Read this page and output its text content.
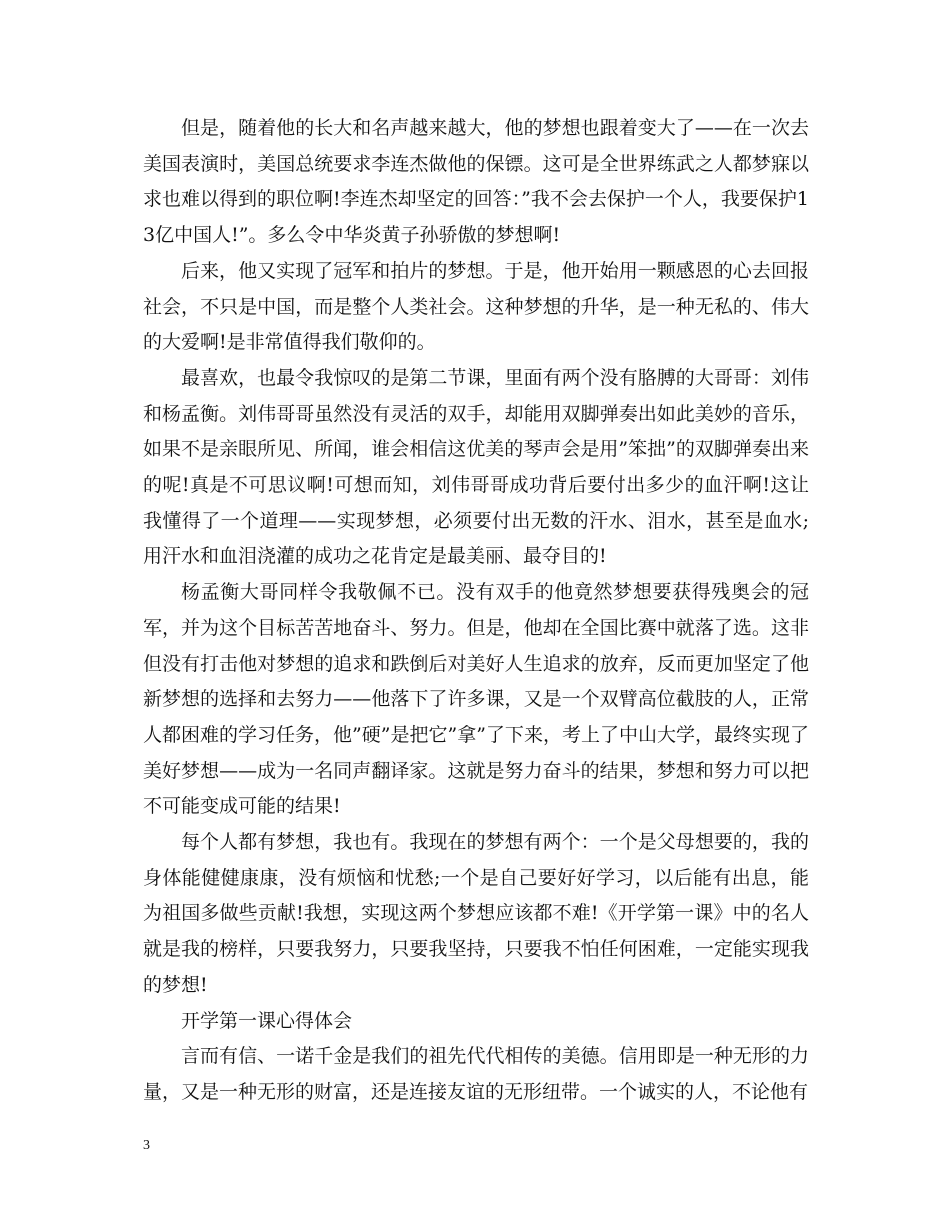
但是，随着他的长大和名声越来越大，他的梦想也跟着变大了——在一次去美国表演时，美国总统要求李连杰做他的保镖。这可是全世界练武之人都梦寐以求也难以得到的职位啊!李连杰却坚定的回答：”我不会去保护一个人，我要保护13亿中国人!”。多么令中华炎黄子孙骄傲的梦想啊!

后来，他又实现了冠军和拍片的梦想。于是，他开始用一颗感恩的心去回报社会，不只是中国，而是整个人类社会。这种梦想的升华，是一种无私的、伟大的大爱啊!是非常值得我们敬仰的。

最喜欢，也最令我惊叹的是第二节课，里面有两个没有胳膊的大哥哥：刘伟和杨孟衡。刘伟哥哥虽然没有灵活的双手，却能用双脚弹奏出如此美妙的音乐，如果不是亲眼所见、所闻，谁会相信这优美的琴声会是用”笨拙”的双脚弹奏出来的呢!真是不可思议啊!可想而知，刘伟哥哥成功背后要付出多少的血汗啊!这让我懂得了一个道理——实现梦想，必须要付出无数的汗水、泪水，甚至是血水;用汗水和血泪浇灌的成功之花肯定是最美丽、最夺目的!

杨孟衡大哥同样令我敬佩不已。没有双手的他竟然梦想要获得残奥会的冠军，并为这个目标苦苦地奋斗、努力。但是，他却在全国比赛中就落了选。这非但没有打击他对梦想的追求和跌倒后对美好人生追求的放弃，反而更加坚定了他新梦想的选择和去努力——他落下了许多课，又是一个双臂高位截肢的人，正常人都困难的学习任务，他”硬”是把它”拿”了下来，考上了中山大学，最终实现了美好梦想——成为一名同声翻译家。这就是努力奋斗的结果，梦想和努力可以把不可能变成可能的结果!

每个人都有梦想，我也有。我现在的梦想有两个：一个是父母想要的，我的身体能健健康康，没有烦恼和忧愁;一个是自己要好好学习，以后能有出息，能为祖国多做些贡献!我想，实现这两个梦想应该都不难!《开学第一课》中的名人就是我的榜样，只要我努力，只要我坚持，只要我不怕任何困难，一定能实现我的梦想!

开学第一课心得体会

言而有信、一诺千金是我们的祖先代代相传的美德。信用即是一种无形的力量，又是一种无形的财富，还是连接友谊的无形纽带。一个诚实的人，不论他有

3
